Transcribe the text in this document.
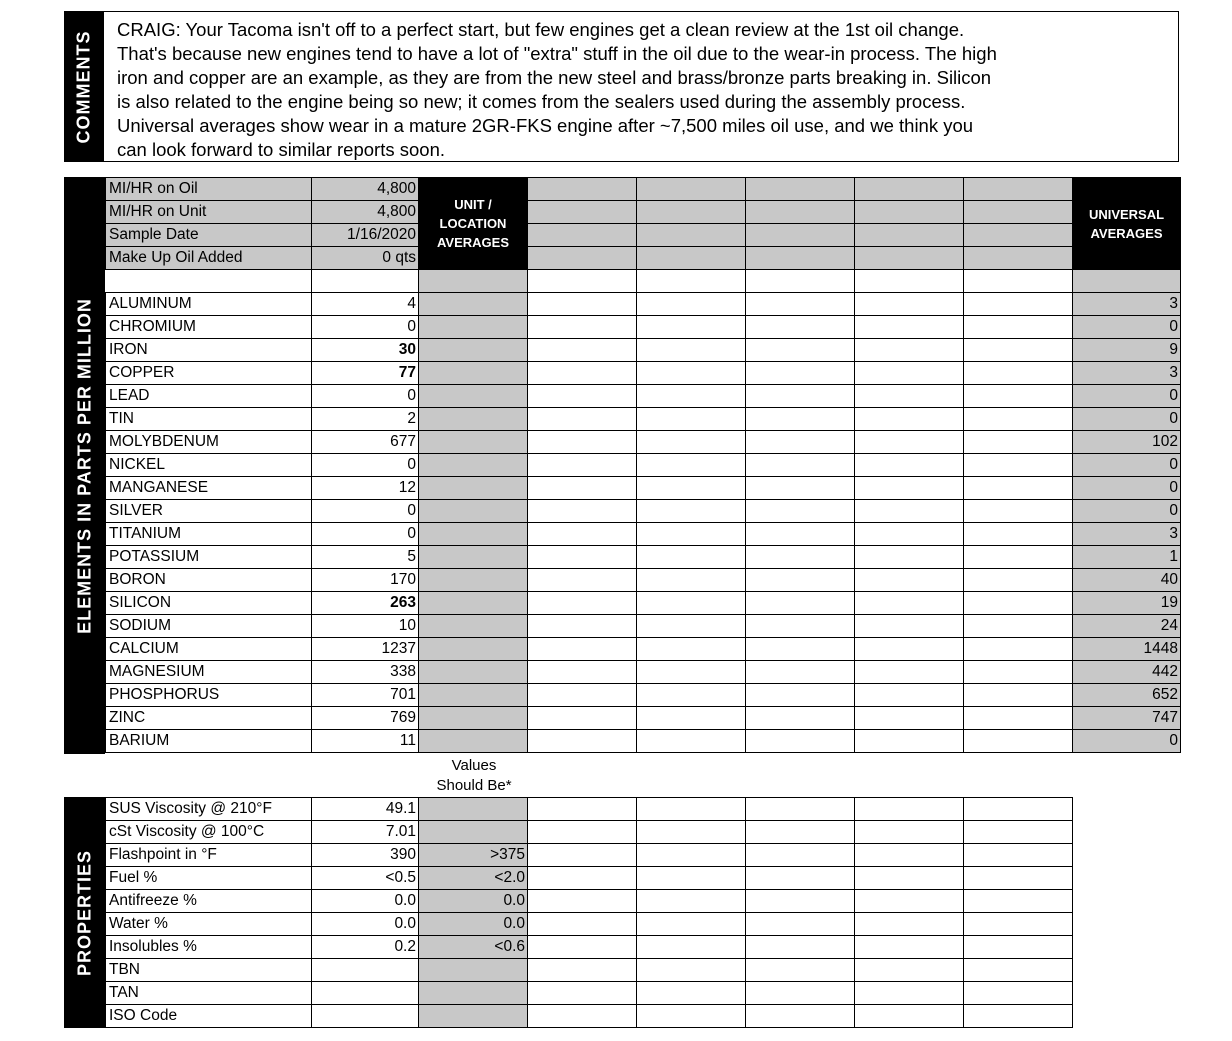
COMMENTS
CRAIG: Your Tacoma isn't off to a perfect start, but few engines get a clean review at the 1st oil change.
That's because new engines tend to have a lot of "extra" stuff in the oil due to the wear-in process. The high
iron and copper are an example, as they are from the new steel and brass/bronze parts breaking in. Silicon
is also related to the engine being so new; it comes from the sealers used during the assembly process.
Universal averages show wear in a mature 2GR-FKS engine after ~7,500 miles oil use, and we think you
can look forward to similar reports soon.
ELEMENTS IN PARTS PER MILLION
MI/HR on Oil	4,800	UNIT / LOCATION AVERAGES						UNIVERSAL AVERAGES

MI/HR on Unit	4,800							
Sample Date	1/16/2020							
Make Up Oil Added	0 qts							

ALUMINUM	4							3
CHROMIUM	0							0
IRON	30							9
COPPER	77							3
LEAD	0							0
TIN	2							0
MOLYBDENUM	677							102
NICKEL	0							0
MANGANESE	12							0
SILVER	0							0
TITANIUM	0							3
POTASSIUM	5							1
BORON	170							40
SILICON	263							19
SODIUM	10							24
CALCIUM	1237							1448
MAGNESIUM	338							442
PHOSPHORUS	701							652
ZINC	769							747
BARIUM	11							0
Values Should Be*
PROPERTIES
SUS Viscosity @ 210°F	49.1						
cSt Viscosity @ 100°C	7.01						
Flashpoint in °F	390	>375					
Fuel %	<0.5	<2.0					
Antifreeze %	0.0	0.0					
Water %	0.0	0.0					
Insolubles %	0.2	<0.6					
TBN							
TAN							
ISO Code							
